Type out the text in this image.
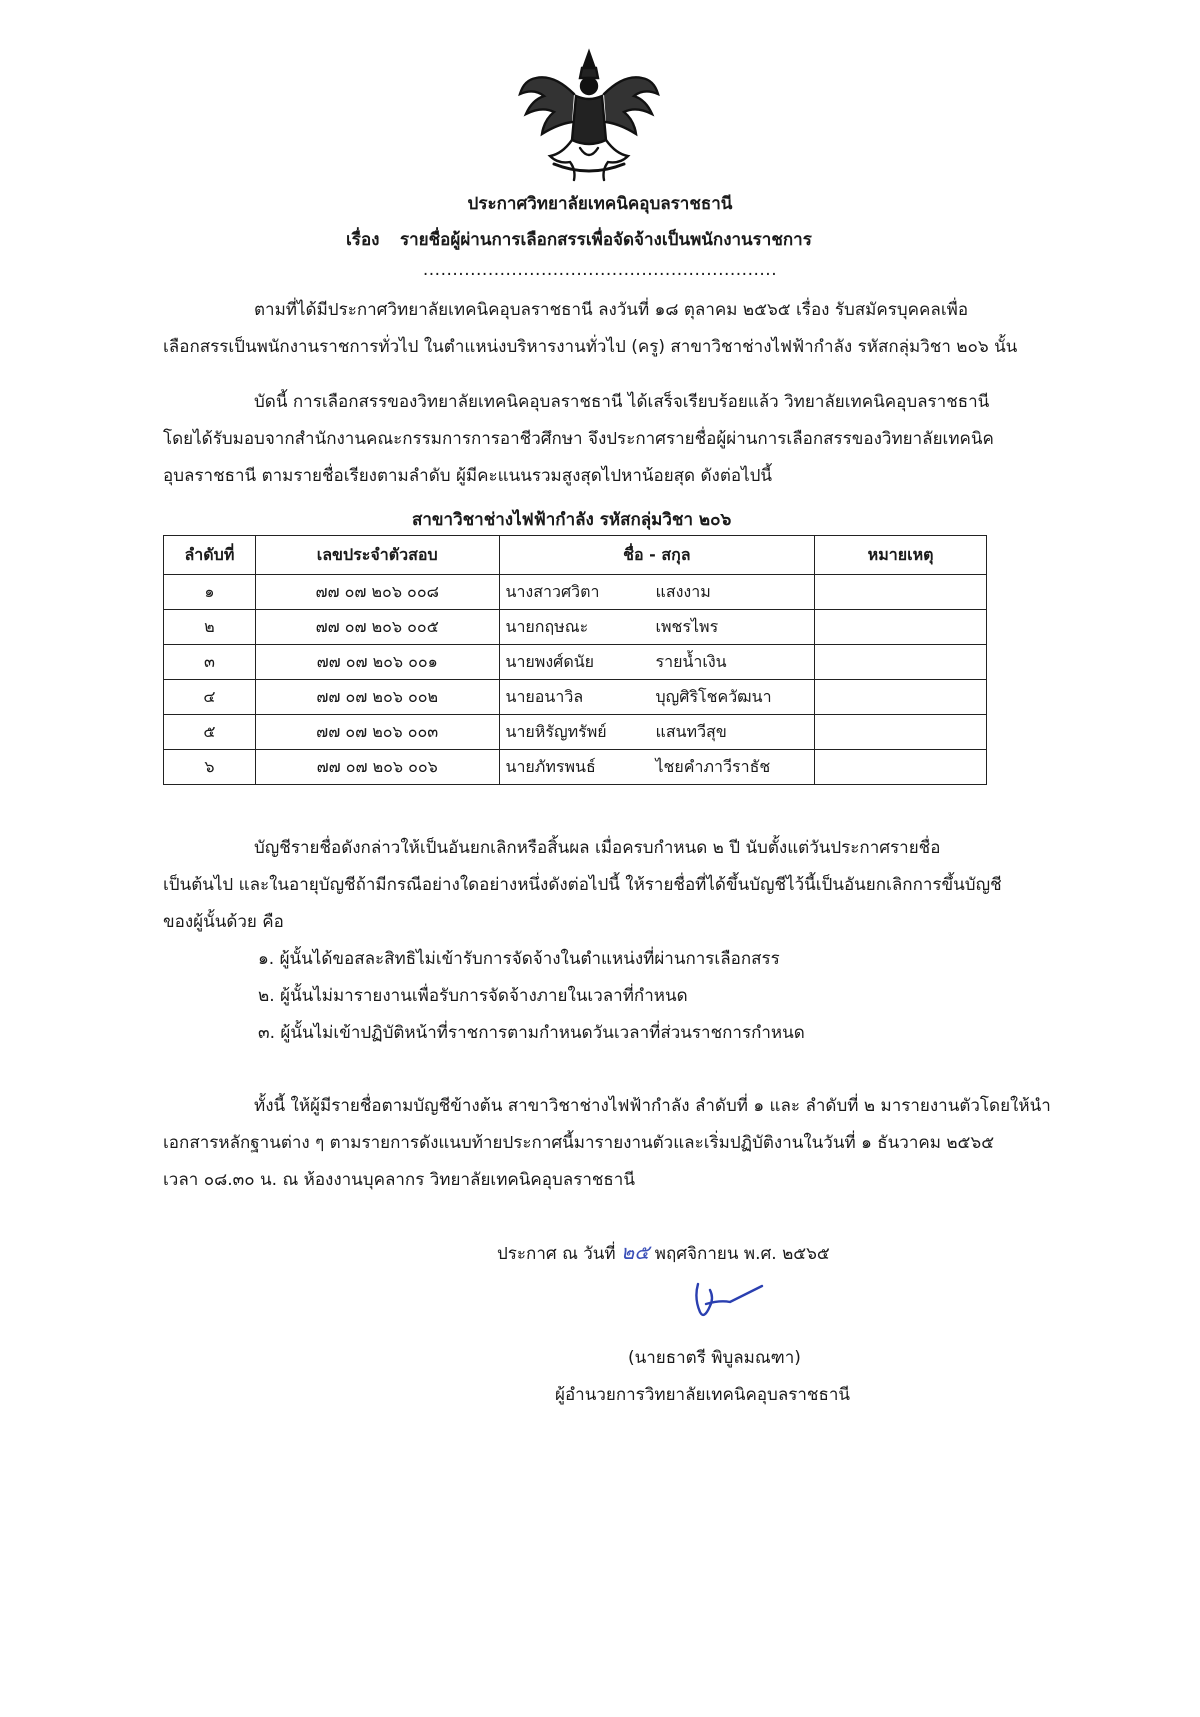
ประกาศวิทยาลัยเทคนิคอุบลราชธานี
เรื่อง รายชื่อผู้ผ่านการเลือกสรรเพื่อจัดจ้างเป็นพนักงานราชการ
............................................................
ตามที่ได้มีประกาศวิทยาลัยเทคนิคอุบลราชธานี ลงวันที่ ๑๘ ตุลาคม ๒๕๖๕ เรื่อง รับสมัครบุคคลเพื่อ
เลือกสรรเป็นพนักงานราชการทั่วไป ในตำแหน่งบริหารงานทั่วไป (ครู) สาขาวิชาช่างไฟฟ้ากำลัง รหัสกลุ่มวิชา ๒๐๖ นั้น
บัดนี้ การเลือกสรรของวิทยาลัยเทคนิคอุบลราชธานี ได้เสร็จเรียบร้อยแล้ว วิทยาลัยเทคนิคอุบลราชธานี
โดยได้รับมอบจากสำนักงานคณะกรรมการการอาชีวศึกษา จึงประกาศรายชื่อผู้ผ่านการเลือกสรรของวิทยาลัยเทคนิค
อุบลราชธานี ตามรายชื่อเรียงตามลำดับ ผู้มีคะแนนรวมสูงสุดไปหาน้อยสุด ดังต่อไปนี้
สาขาวิชาช่างไฟฟ้ากำลัง รหัสกลุ่มวิชา ๒๐๖
ลำดับที่	เลขประจำตัวสอบ	ชื่อ - สกุล	หมายเหตุ
๑	๗๗ ๐๗ ๒๐๖ ๐๐๘	นางสาวศวิตา แสงงาม	
๒	๗๗ ๐๗ ๒๐๖ ๐๐๕	นายกฤษณะ เพชรไพร	
๓	๗๗ ๐๗ ๒๐๖ ๐๐๑	นายพงศ์ดนัย รายน้ำเงิน	
๔	๗๗ ๐๗ ๒๐๖ ๐๐๒	นายอนาวิล บุญศิริโชควัฒนา	
๕	๗๗ ๐๗ ๒๐๖ ๐๐๓	นายหิรัญทรัพย์ แสนทวีสุข	
๖	๗๗ ๐๗ ๒๐๖ ๐๐๖	นายภัทรพนธ์ ไชยคำภาวีราธัช	
บัญชีรายชื่อดังกล่าวให้เป็นอันยกเลิกหรือสิ้นผล เมื่อครบกำหนด ๒ ปี นับตั้งแต่วันประกาศรายชื่อ
เป็นต้นไป และในอายุบัญชีถ้ามีกรณีอย่างใดอย่างหนึ่งดังต่อไปนี้ ให้รายชื่อที่ได้ขึ้นบัญชีไว้นี้เป็นอันยกเลิกการขึ้นบัญชี
ของผู้นั้นด้วย คือ
๑. ผู้นั้นได้ขอสละสิทธิไม่เข้ารับการจัดจ้างในตำแหน่งที่ผ่านการเลือกสรร
๒. ผู้นั้นไม่มารายงานเพื่อรับการจัดจ้างภายในเวลาที่กำหนด
๓. ผู้นั้นไม่เข้าปฏิบัติหน้าที่ราชการตามกำหนดวันเวลาที่ส่วนราชการกำหนด
ทั้งนี้ ให้ผู้มีรายชื่อตามบัญชีข้างต้น สาขาวิชาช่างไฟฟ้ากำลัง ลำดับที่ ๑ และ ลำดับที่ ๒ มารายงานตัวโดยให้นำ
เอกสารหลักฐานต่าง ๆ ตามรายการดังแนบท้ายประกาศนี้มารายงานตัวและเริ่มปฏิบัติงานในวันที่ ๑ ธันวาคม ๒๕๖๕
เวลา ๐๘.๓๐ น. ณ ห้องงานบุคลากร วิทยาลัยเทคนิคอุบลราชธานี
ประกาศ ณ วันที่ ๒๕ พฤศจิกายน พ.ศ. ๒๕๖๕
(นายธาตรี พิบูลมณฑา)
ผู้อำนวยการวิทยาลัยเทคนิคอุบลราชธานี
